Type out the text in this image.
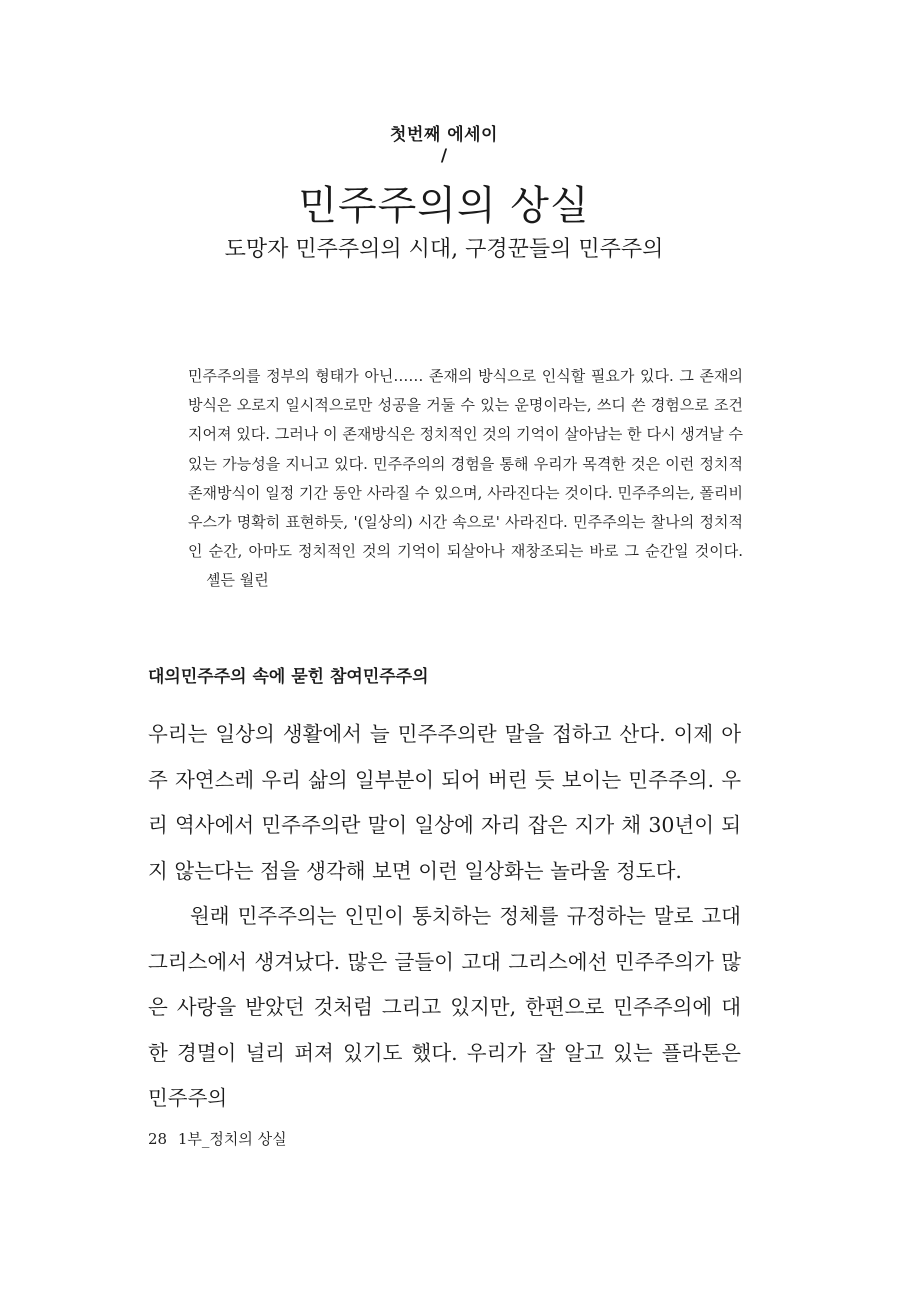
첫번째 에세이
/
민주주의의 상실
도망자 민주주의의 시대, 구경꾼들의 민주주의
민주주의를 정부의 형태가 아닌…… 존재의 방식으로 인식할 필요가 있다. 그 존재의 방식은 오로지 일시적으로만 성공을 거둘 수 있는 운명이라는, 쓰디 쓴 경험으로 조건 지어져 있다. 그러나 이 존재방식은 정치적인 것의 기억이 살아남는 한 다시 생겨날 수 있는 가능성을 지니고 있다. 민주주의의 경험을 통해 우리가 목격한 것은 이런 정치적 존재방식이 일정 기간 동안 사라질 수 있으며, 사라진다는 것이다. 민주주의는, 폴리비우스가 명확히 표현하듯, '(일상의) 시간 속으로' 사라진다. 민주주의는 찰나의 정치적인 순간, 아마도 정치적인 것의 기억이 되살아나 재창조되는 바로 그 순간일 것이다. 셸든 월린
대의민주주의 속에 묻힌 참여민주주의

우리는 일상의 생활에서 늘 민주주의란 말을 접하고 산다. 이제 아주 자연스레 우리 삶의 일부분이 되어 버린 듯 보이는 민주주의. 우리 역사에서 민주주의란 말이 일상에 자리 잡은 지가 채 30년이 되지 않는다는 점을 생각해 보면 이런 일상화는 놀라울 정도다.

원래 민주주의는 인민이 통치하는 정체를 규정하는 말로 고대 그리스에서 생겨났다. 많은 글들이 고대 그리스에선 민주주의가 많은 사랑을 받았던 것처럼 그리고 있지만, 한편으로 민주주의에 대한 경멸이 널리 퍼져 있기도 했다. 우리가 잘 알고 있는 플라톤은 민주주의

28 1부_정치의 상실
